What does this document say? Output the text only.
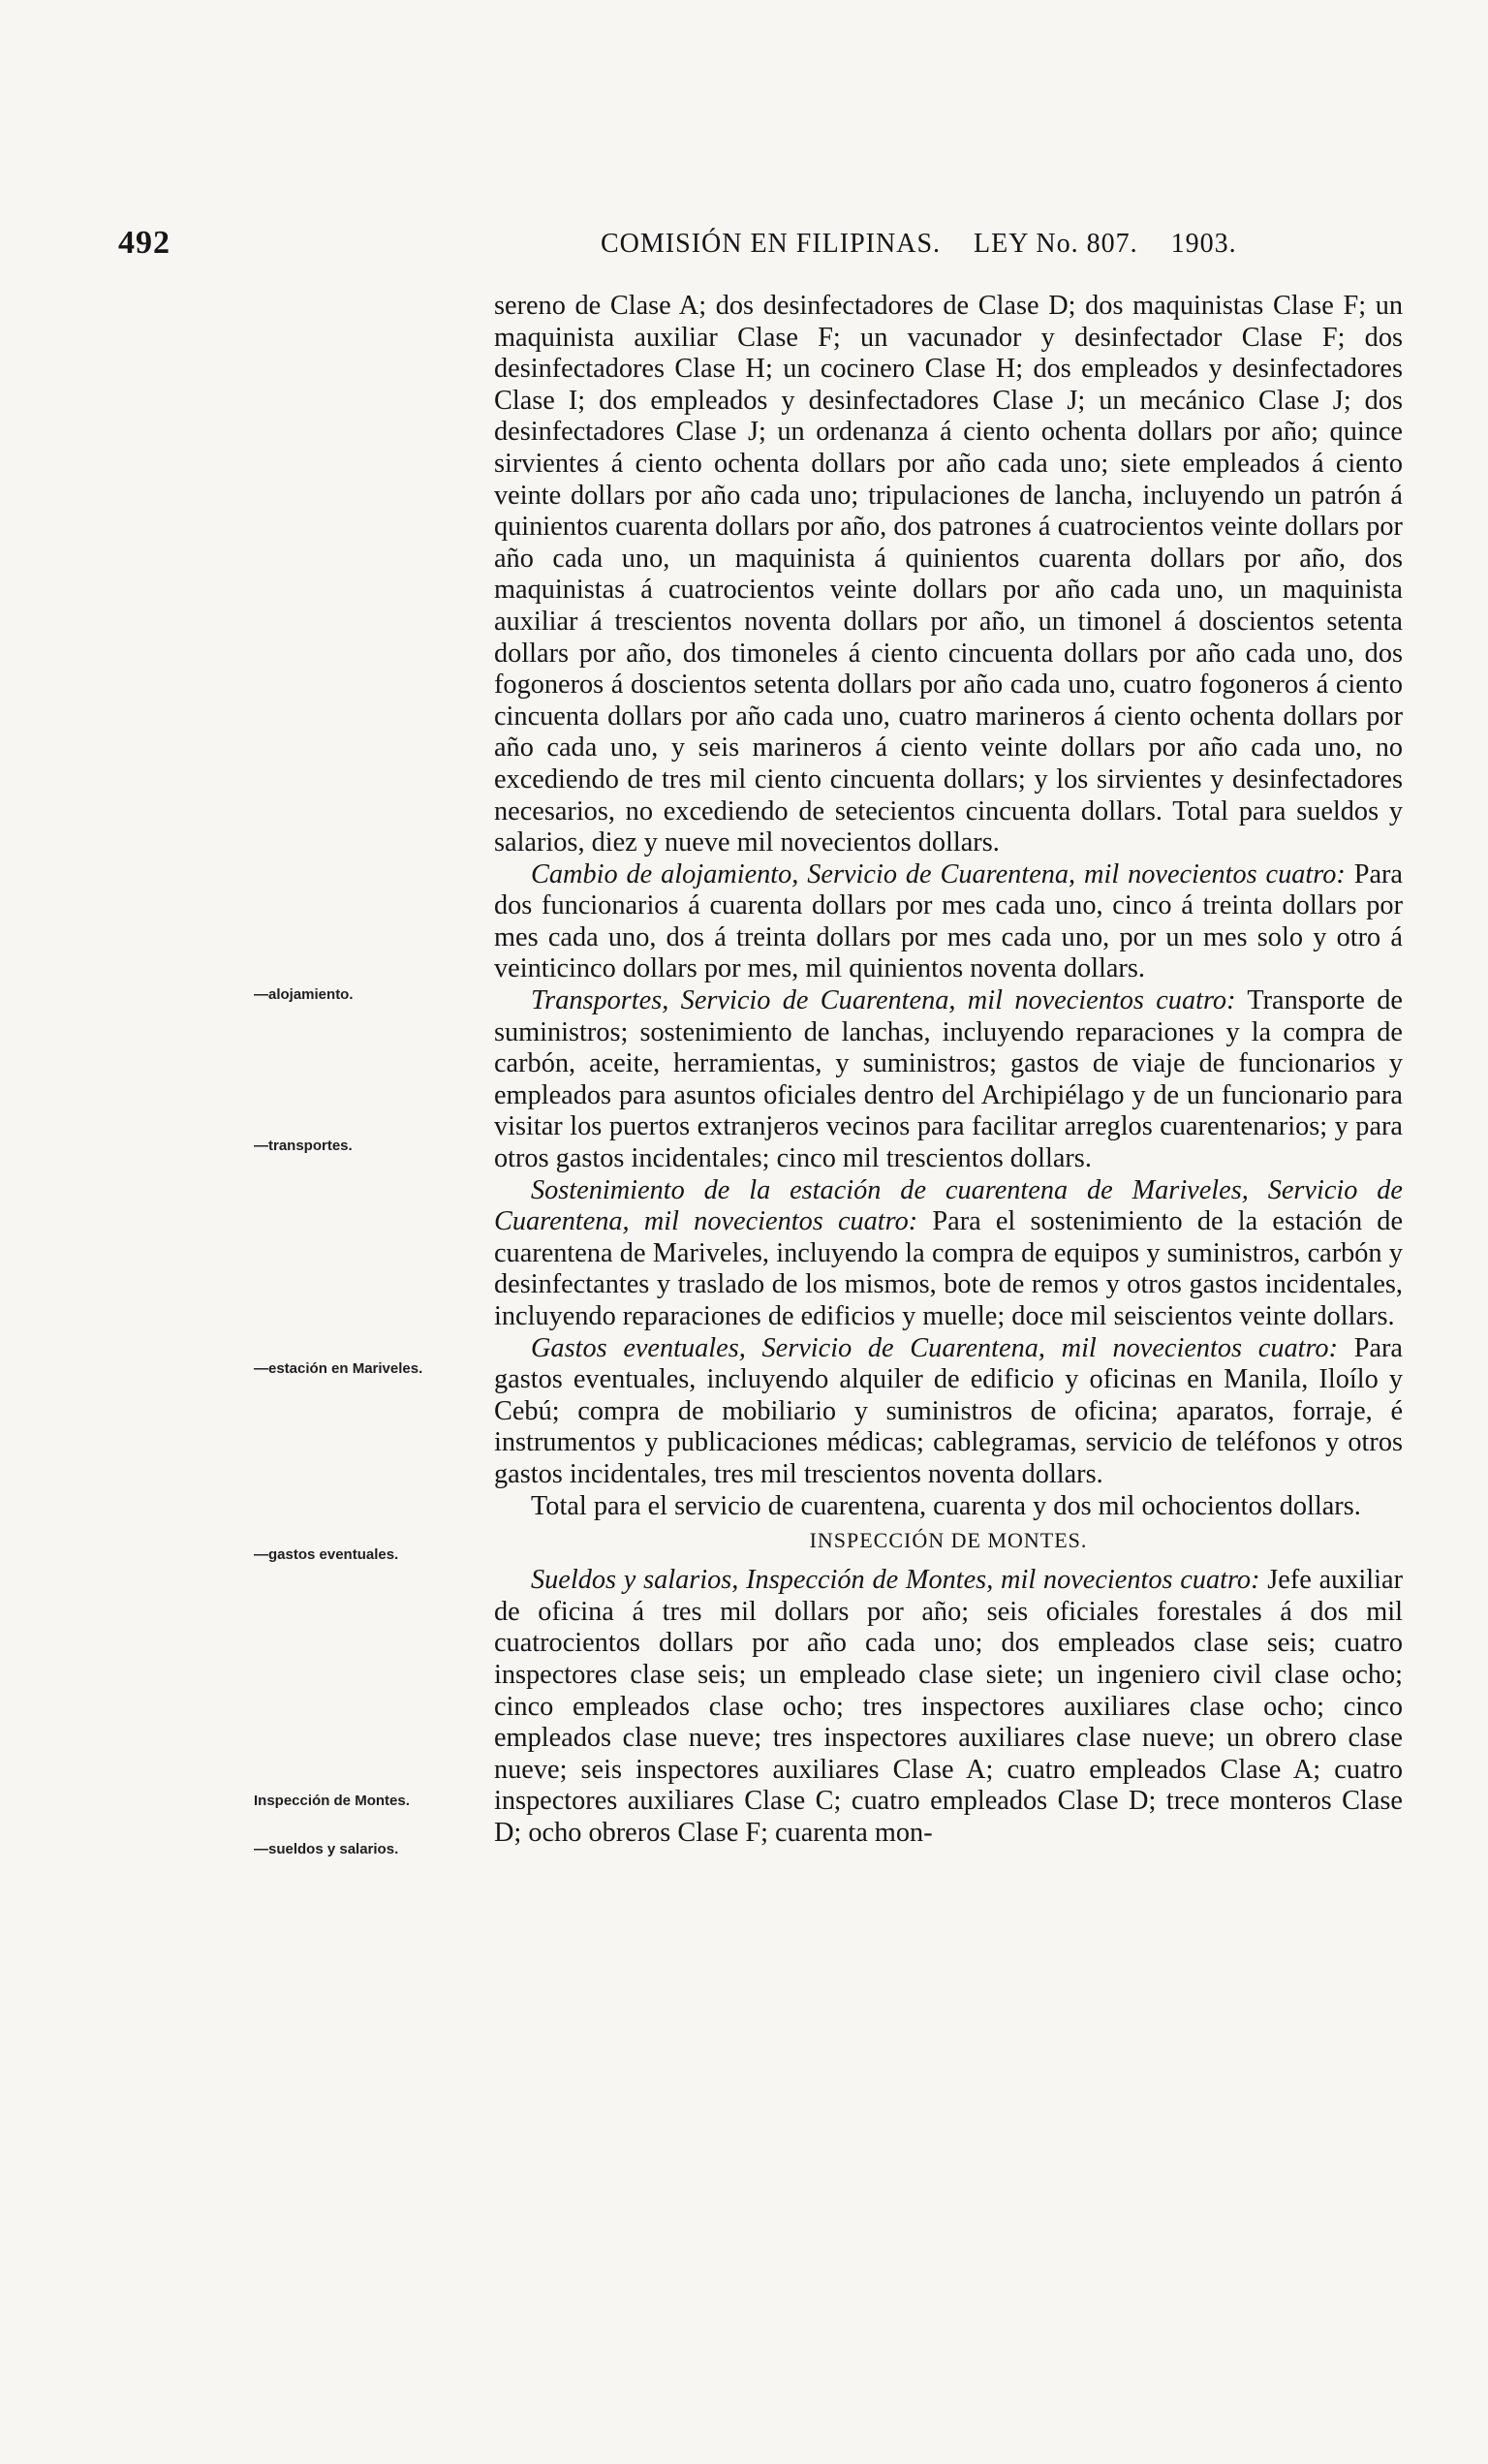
492	COMISIÓN EN FILIPINAS. LEY No. 807. 1903.

sereno de Clase A; dos desinfectadores de Clase D; dos maquinistas Clase F; un maquinista auxiliar Clase F; un vacunador y desinfectador Clase F; dos desinfectadores Clase H; un cocinero Clase H; dos empleados y desinfectadores Clase I; dos empleados y desinfectadores Clase J; un mecánico Clase J; dos desinfectadores Clase J; un ordenanza á ciento ochenta dollars por año; quince sirvientes á ciento ochenta dollars por año cada uno; siete empleados á ciento veinte dollars por año cada uno; tripulaciones de lancha, incluyendo un patrón á quinientos cuarenta dollars por año, dos patrones á cuatrocientos veinte dollars por año cada uno, un maquinista á quinientos cuarenta dollars por año, dos maquinistas á cuatrocientos veinte dollars por año cada uno, un maquinista auxiliar á trescientos noventa dollars por año, un timonel á doscientos setenta dollars por año, dos timoneles á ciento cincuenta dollars por año cada uno, dos fogoneros á doscientos setenta dollars por año cada uno, cuatro fogoneros á ciento cincuenta dollars por año cada uno, cuatro marineros á ciento ochenta dollars por año cada uno, y seis marineros á ciento veinte dollars por año cada uno, no excediendo de tres mil ciento cincuenta dollars; y los sirvientes y desinfectadores necesarios, no excediendo de setecientos cincuenta dollars. Total para sueldos y salarios, diez y nueve mil novecientos dollars.

Cambio de alojamiento, Servicio de Cuarentena, mil novecientos cuatro: Para dos funcionarios á cuarenta dollars por mes cada uno, cinco á treinta dollars por mes cada uno, dos á treinta dollars por mes cada uno, por un mes solo y otro á veinticinco dollars por mes, mil quinientos noventa dollars.

Transportes, Servicio de Cuarentena, mil novecientos cuatro: Transporte de suministros; sostenimiento de lanchas, incluyendo reparaciones y la compra de carbón, aceite, herramientas, y suministros; gastos de viaje de funcionarios y empleados para asuntos oficiales dentro del Archipiélago y de un funcionario para visitar los puertos extranjeros vecinos para facilitar arreglos cuarentenarios; y para otros gastos incidentales; cinco mil trescientos dollars.

Sostenimiento de la estación de cuarentena de Mariveles, Servicio de Cuarentena, mil novecientos cuatro: Para el sostenimiento de la estación de cuarentena de Mariveles, incluyendo la compra de equipos y suministros, carbón y desinfectantes y traslado de los mismos, bote de remos y otros gastos incidentales, incluyendo reparaciones de edificios y muelle; doce mil seiscientos veinte dollars.

Gastos eventuales, Servicio de Cuarentena, mil novecientos cuatro: Para gastos eventuales, incluyendo alquiler de edificio y oficinas en Manila, Iloílo y Cebú; compra de mobiliario y suministros de oficina; aparatos, forraje, é instrumentos y publicaciones médicas; cablegramas, servicio de teléfonos y otros gastos incidentales, tres mil trescientos noventa dollars.

Total para el servicio de cuarentena, cuarenta y dos mil ochocientos dollars.

INSPECCIÓN DE MONTES.

Sueldos y salarios, Inspección de Montes, mil novecientos cuatro: Jefe auxiliar de oficina á tres mil dollars por año; seis oficiales forestales á dos mil cuatrocientos dollars por año cada uno; dos empleados clase seis; cuatro inspectores clase seis; un empleado clase siete; un ingeniero civil clase ocho; cinco empleados clase ocho; tres inspectores auxiliares clase ocho; cinco empleados clase nueve; tres inspectores auxiliares clase nueve; un obrero clase nueve; seis inspectores auxiliares Clase A; cuatro empleados Clase A; cuatro inspectores auxiliares Clase C; cuatro empleados Clase D; trece monteros Clase D; ocho obreros Clase F; cuarenta mon-

—alojamiento.
—transportes.
—estación en Mariveles.
—gastos eventuales.
Inspección de Montes.
—sueldos y salarios.
